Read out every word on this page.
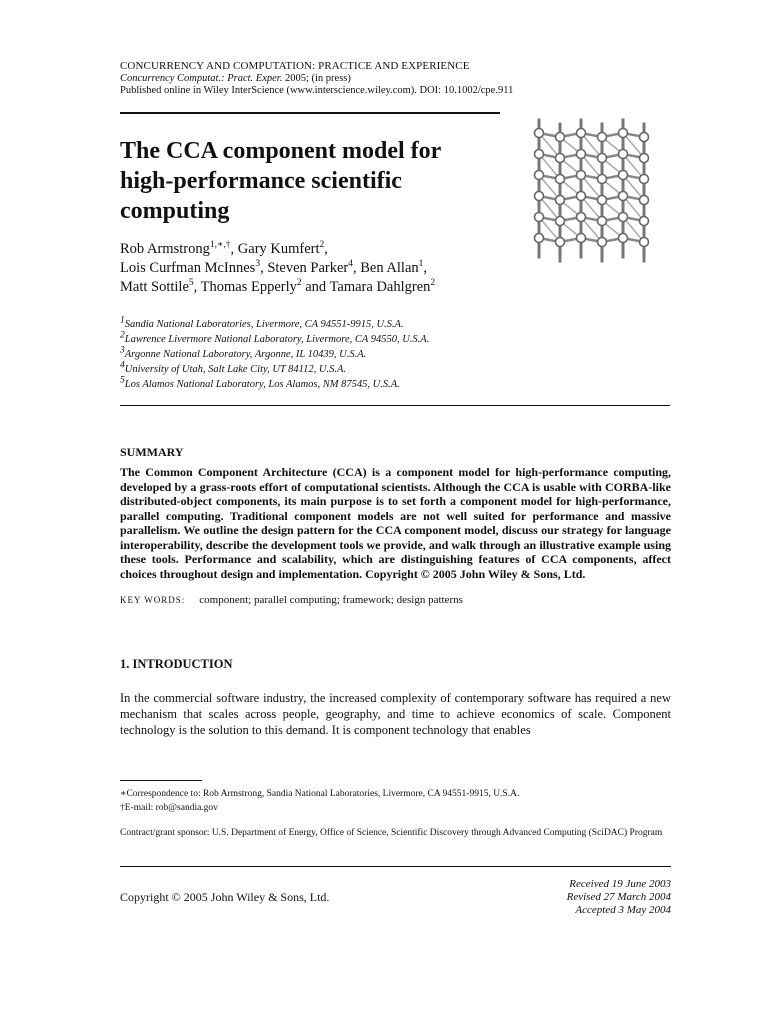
CONCURRENCY AND COMPUTATION: PRACTICE AND EXPERIENCE
Concurrency Computat.: Pract. Exper. 2005; (in press)
Published online in Wiley InterScience (www.interscience.wiley.com). DOI: 10.1002/cpe.911
The CCA component model for high-performance scientific computing
Rob Armstrong$^{1,∗,\dagger}$, Gary Kumfert$^2$,
Lois Curfman McInnes$^3$, Steven Parker$^4$, Ben Allan$^1$,
Matt Sottile$^5$, Thomas Epperly$^2$ and Tamara Dahlgren$^2$
$^1$Sandia National Laboratories, Livermore, CA 94551-9915, U.S.A.
$^2$Lawrence Livermore National Laboratory, Livermore, CA 94550, U.S.A.
$^3$Argonne National Laboratory, Argonne, IL 10439, U.S.A.
$^4$University of Utah, Salt Lake City, UT 84112, U.S.A.
$^5$Los Alamos National Laboratory, Los Alamos, NM 87545, U.S.A.
SUMMARY
The Common Component Architecture (CCA) is a component model for high-performance computing, developed by a grass-roots effort of computational scientists. Although the CCA is usable with CORBA-like distributed-object components, its main purpose is to set forth a component model for high-performance, parallel computing. Traditional component models are not well suited for performance and massive parallelism. We outline the design pattern for the CCA component model, discuss our strategy for language interoperability, describe the development tools we provide, and walk through an illustrative example using these tools. Performance and scalability, which are distinguishing features of CCA components, affect choices throughout design and implementation. Copyright © 2005 John Wiley & Sons, Ltd.
KEY WORDS: component; parallel computing; framework; design patterns
1. INTRODUCTION
In the commercial software industry, the increased complexity of contemporary software has required a new mechanism that scales across people, geography, and time to achieve economics of scale. Component technology is the solution to this demand. It is component technology that enables
∗Correspondence to: Rob Armstrong, Sandia National Laboratories, Livermore, CA 94551-9915, U.S.A.
†E-mail: rob@sandia.gov
Contract/grant sponsor: U.S. Department of Energy, Office of Science, Scientific Discovery through Advanced Computing (SciDAC) Program
Copyright © 2005 John Wiley & Sons, Ltd.
Received 19 June 2003
Revised 27 March 2004
Accepted 3 May 2004
